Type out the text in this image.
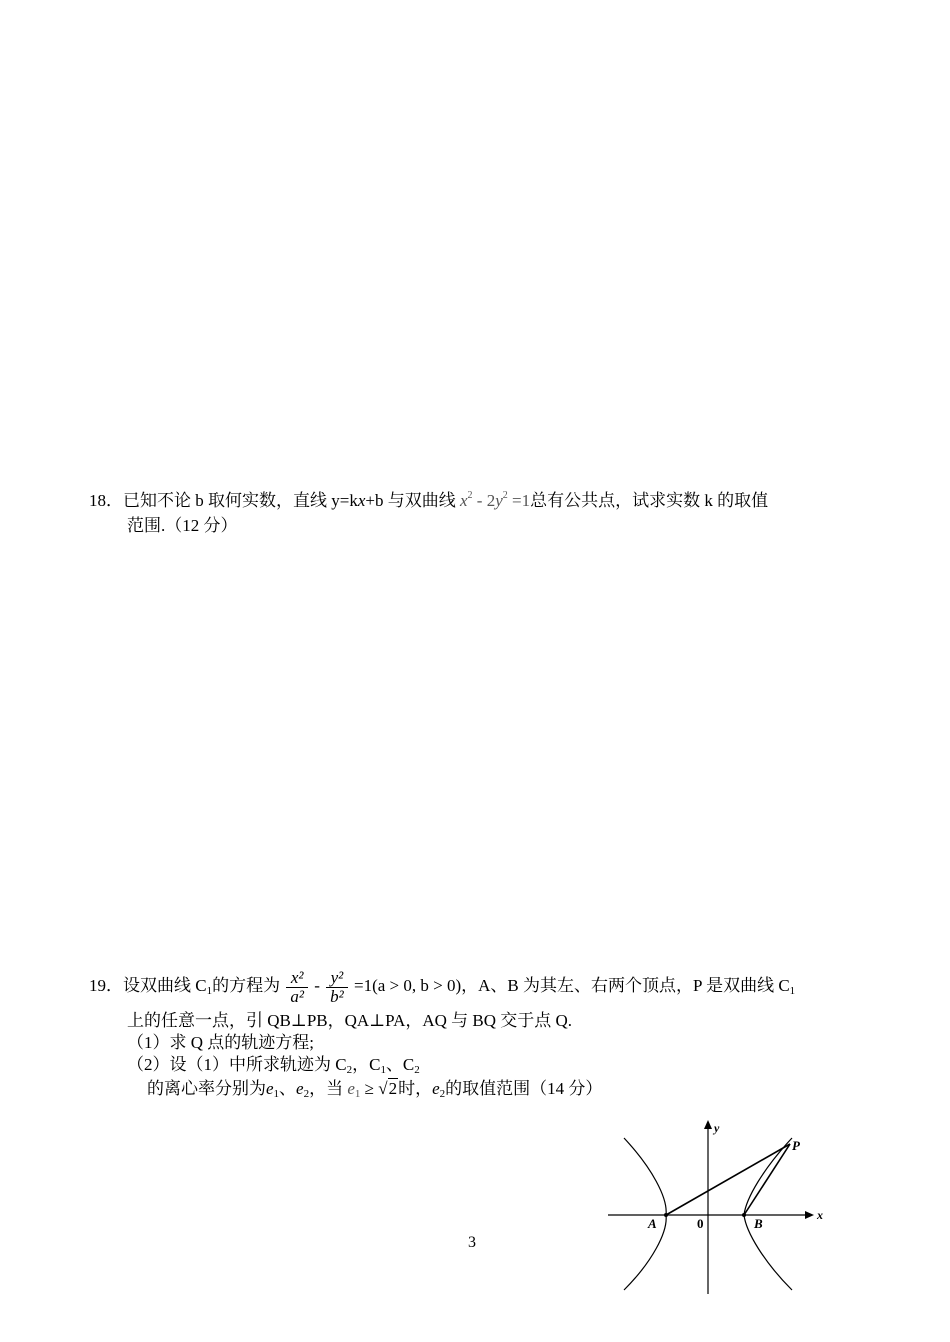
18．已知不论 b 取何实数，直线 y=kx+b 与双曲线 $x^2 - 2y^2 =1$总有公共点，试求实数 k 的取值
范围.（12 分）
19．设双曲线 $C_1$的方程为 $\frac{\text{x²}}{\text{a²}} - \frac{\text{y²}}{\text{b²}} =1(a > 0$, b > 0)，A、B 为其左、右两个顶点，P 是双曲线 $C_1$
上的任意一点，引 QB⊥PB，QA⊥PA，AQ 与 BQ 交于点 Q.
（1）求 Q 点的轨迹方程;
（2）设（1）中所求轨迹为 $C_2$，$C_1$、$C_2$
的离心率分别为$e_1$、$e_2$，当 $e_1 \ge √2$时，$e_2$的取值范围（14 分）
y
x
P
A	0	B
3
